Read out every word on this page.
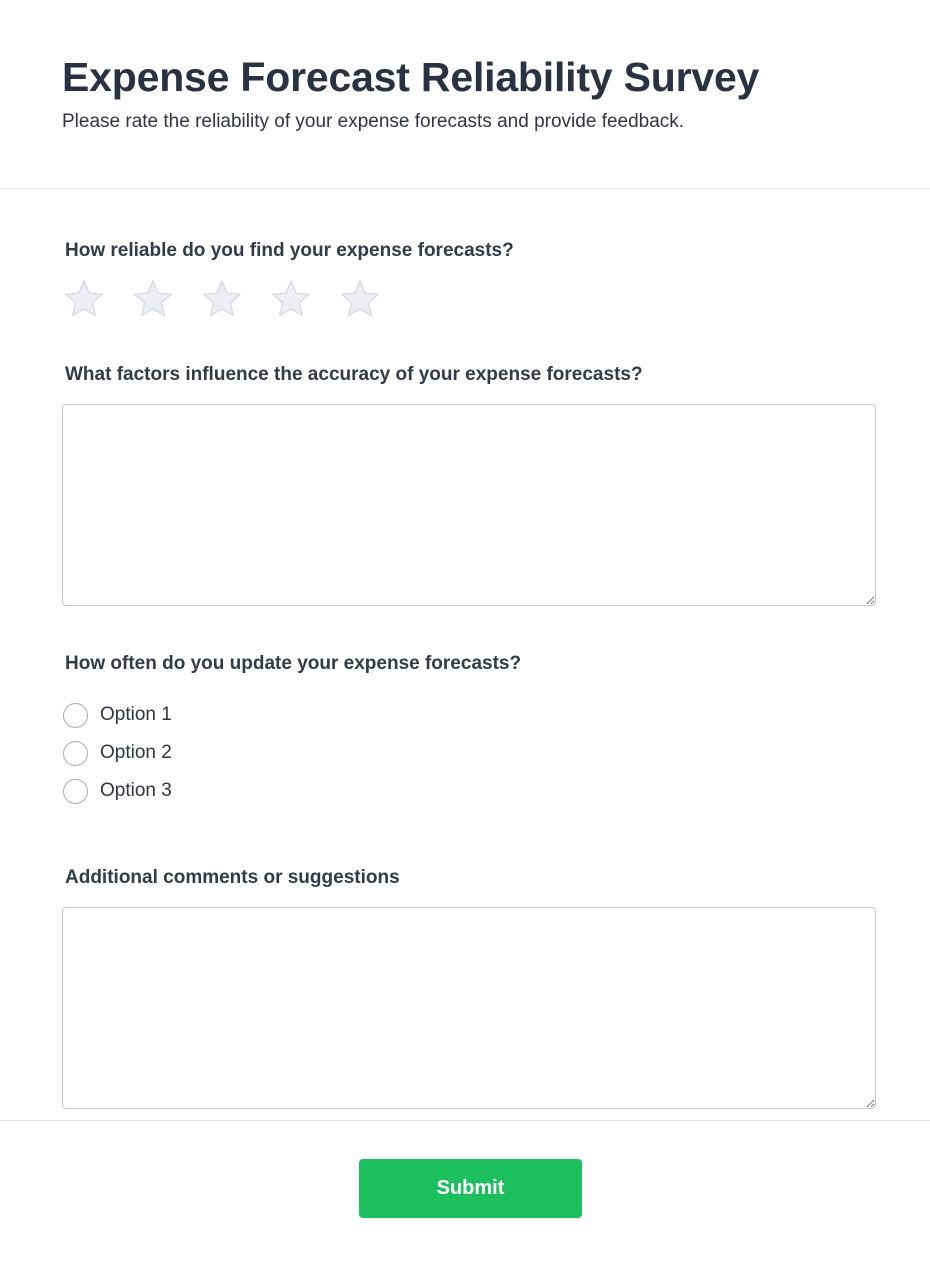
Expense Forecast Reliability Survey

Please rate the reliability of your expense forecasts and provide feedback.

How reliable do you find your expense forecasts?
What factors influence the accuracy of your expense forecasts?
How often do you update your expense forecasts?
Option 1
Option 2
Option 3
Additional comments or suggestions
Submit
